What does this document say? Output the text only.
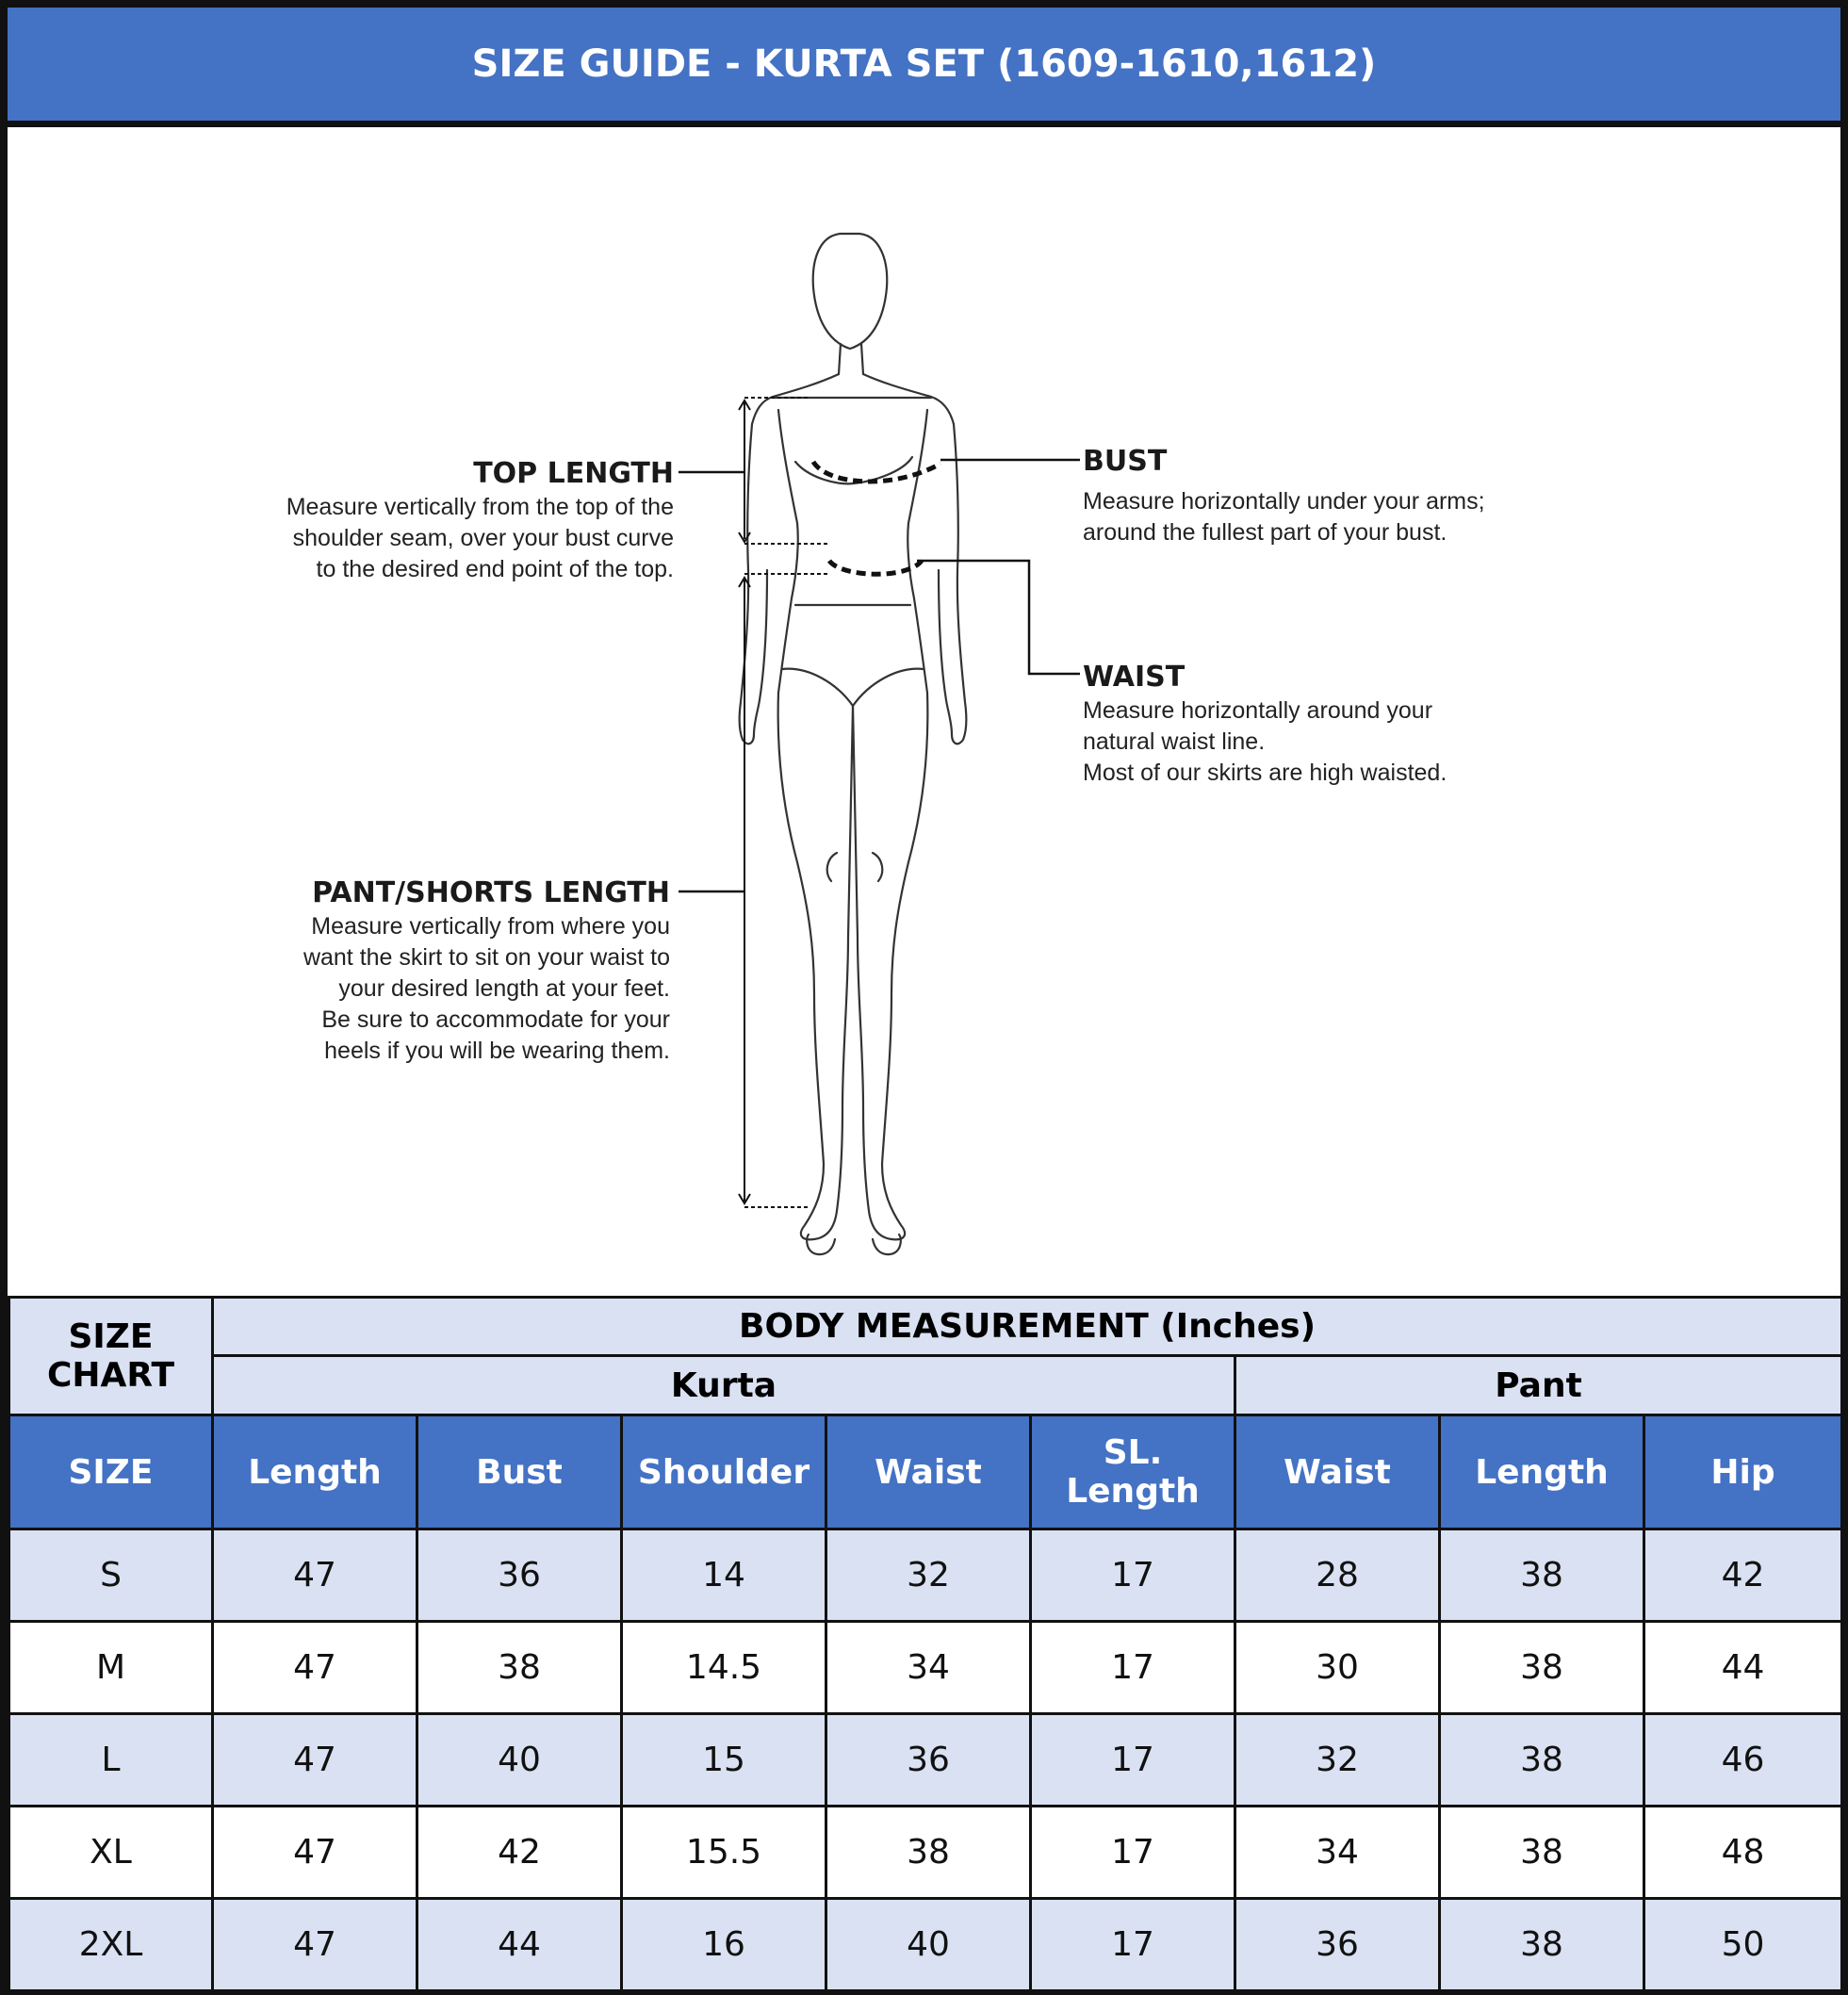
SIZE GUIDE - KURTA SET (1609-1610,1612)
TOP LENGTH
Measure vertically from the top of the
shoulder seam, over your bust curve
to the desired end point of the top.
BUST
Measure horizontally under your arms;
around the fullest part of your bust.
WAIST
Measure horizontally around your
natural waist line.
Most of our skirts are high waisted.
PANT/SHORTS LENGTH
Measure vertically from where you
want the skirt to sit on your waist to
your desired length at your feet.
Be sure to accommodate for your
heels if you will be wearing them.
SIZE CHART	BODY MEASUREMENT (Inches)							
	Kurta					Pant		
SIZE	Length	Bust	Shoulder	Waist	SL. Length	Waist	Length	Hip
S	47	36	14	32	17	28	38	42
M	47	38	14.5	34	17	30	38	44
L	47	40	15	36	17	32	38	46
XL	47	42	15.5	38	17	34	38	48
2XL	47	44	16	40	17	36	38	50
